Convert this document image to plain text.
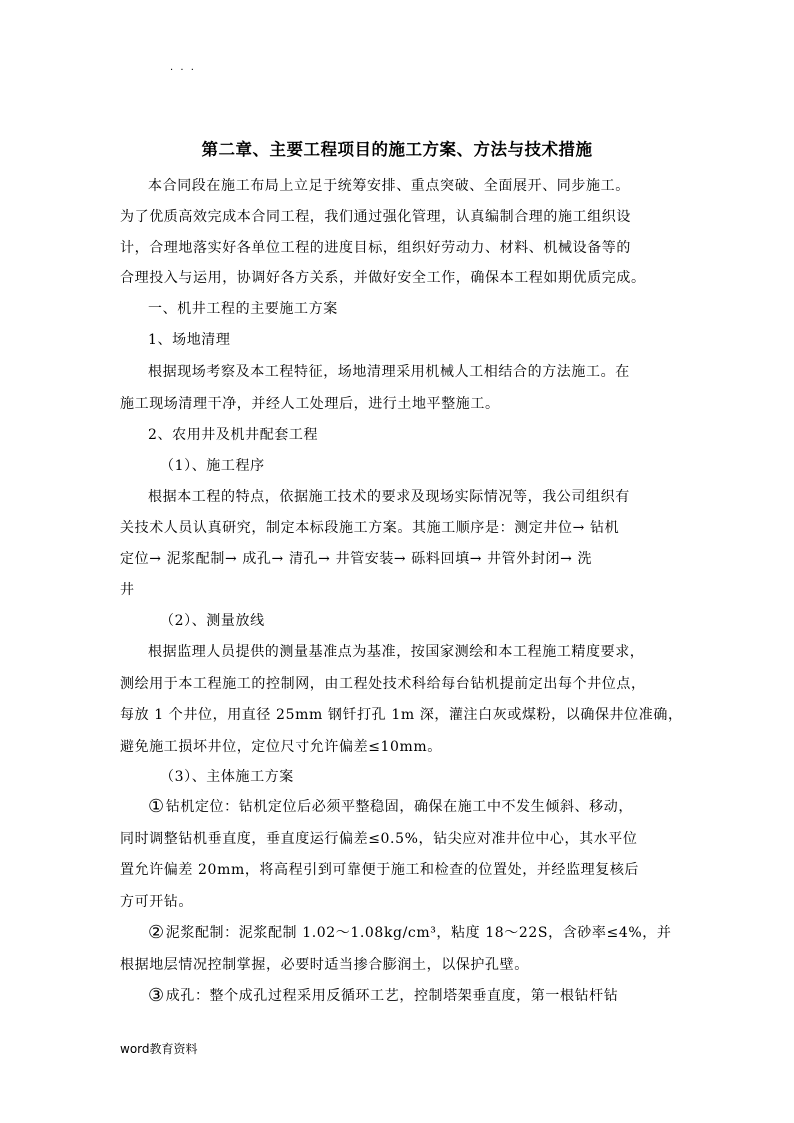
. . .
第二章、主要工程项目的施工方案、方法与技术措施
本合同段在施工布局上立足于统筹安排、重点突破、全面展开、同步施工。
为了优质高效完成本合同工程，我们通过强化管理，认真编制合理的施工组织设
计，合理地落实好各单位工程的进度目标，组织好劳动力、材料、机械设备等的
合理投入与运用，协调好各方关系，并做好安全工作，确保本工程如期优质完成。
一、机井工程的主要施工方案
1、场地清理
根据现场考察及本工程特征，场地清理采用机械人工相结合的方法施工。在
施工现场清理干净，并经人工处理后，进行土地平整施工。
2、农用井及机井配套工程
（1）、施工程序
根据本工程的特点，依据施工技术的要求及现场实际情况等，我公司组织有
关技术人员认真研究，制定本标段施工方案。其施工顺序是：测定井位→ 钻机
定位→ 泥浆配制→ 成孔→ 清孔→ 井管安装→ 砾料回填→ 井管外封闭→ 洗
井
（2）、测量放线
根据监理人员提供的测量基准点为基准，按国家测绘和本工程施工精度要求，
测绘用于本工程施工的控制网，由工程处技术科给每台钻机提前定出每个井位点，
每放 1 个井位，用直径 25mm 钢钎打孔 1m 深，灌注白灰或煤粉，以确保井位准确，
避免施工损坏井位，定位尺寸允许偏差≤10mm。
（3）、主体施工方案
①钻机定位：钻机定位后必须平整稳固，确保在施工中不发生倾斜、移动，
同时调整钻机垂直度，垂直度运行偏差≤0.5%，钻尖应对准井位中心，其水平位
置允许偏差 20mm，将高程引到可靠便于施工和检查的位置处，并经监理复核后
方可开钻。
②泥浆配制：泥浆配制 1.02～1.08kg/cm³，粘度 18～22S，含砂率≤4%，并
根据地层情况控制掌握，必要时适当掺合膨润土，以保护孔壁。
③成孔：整个成孔过程采用反循环工艺，控制塔架垂直度，第一根钻杆钻
word教育资料
